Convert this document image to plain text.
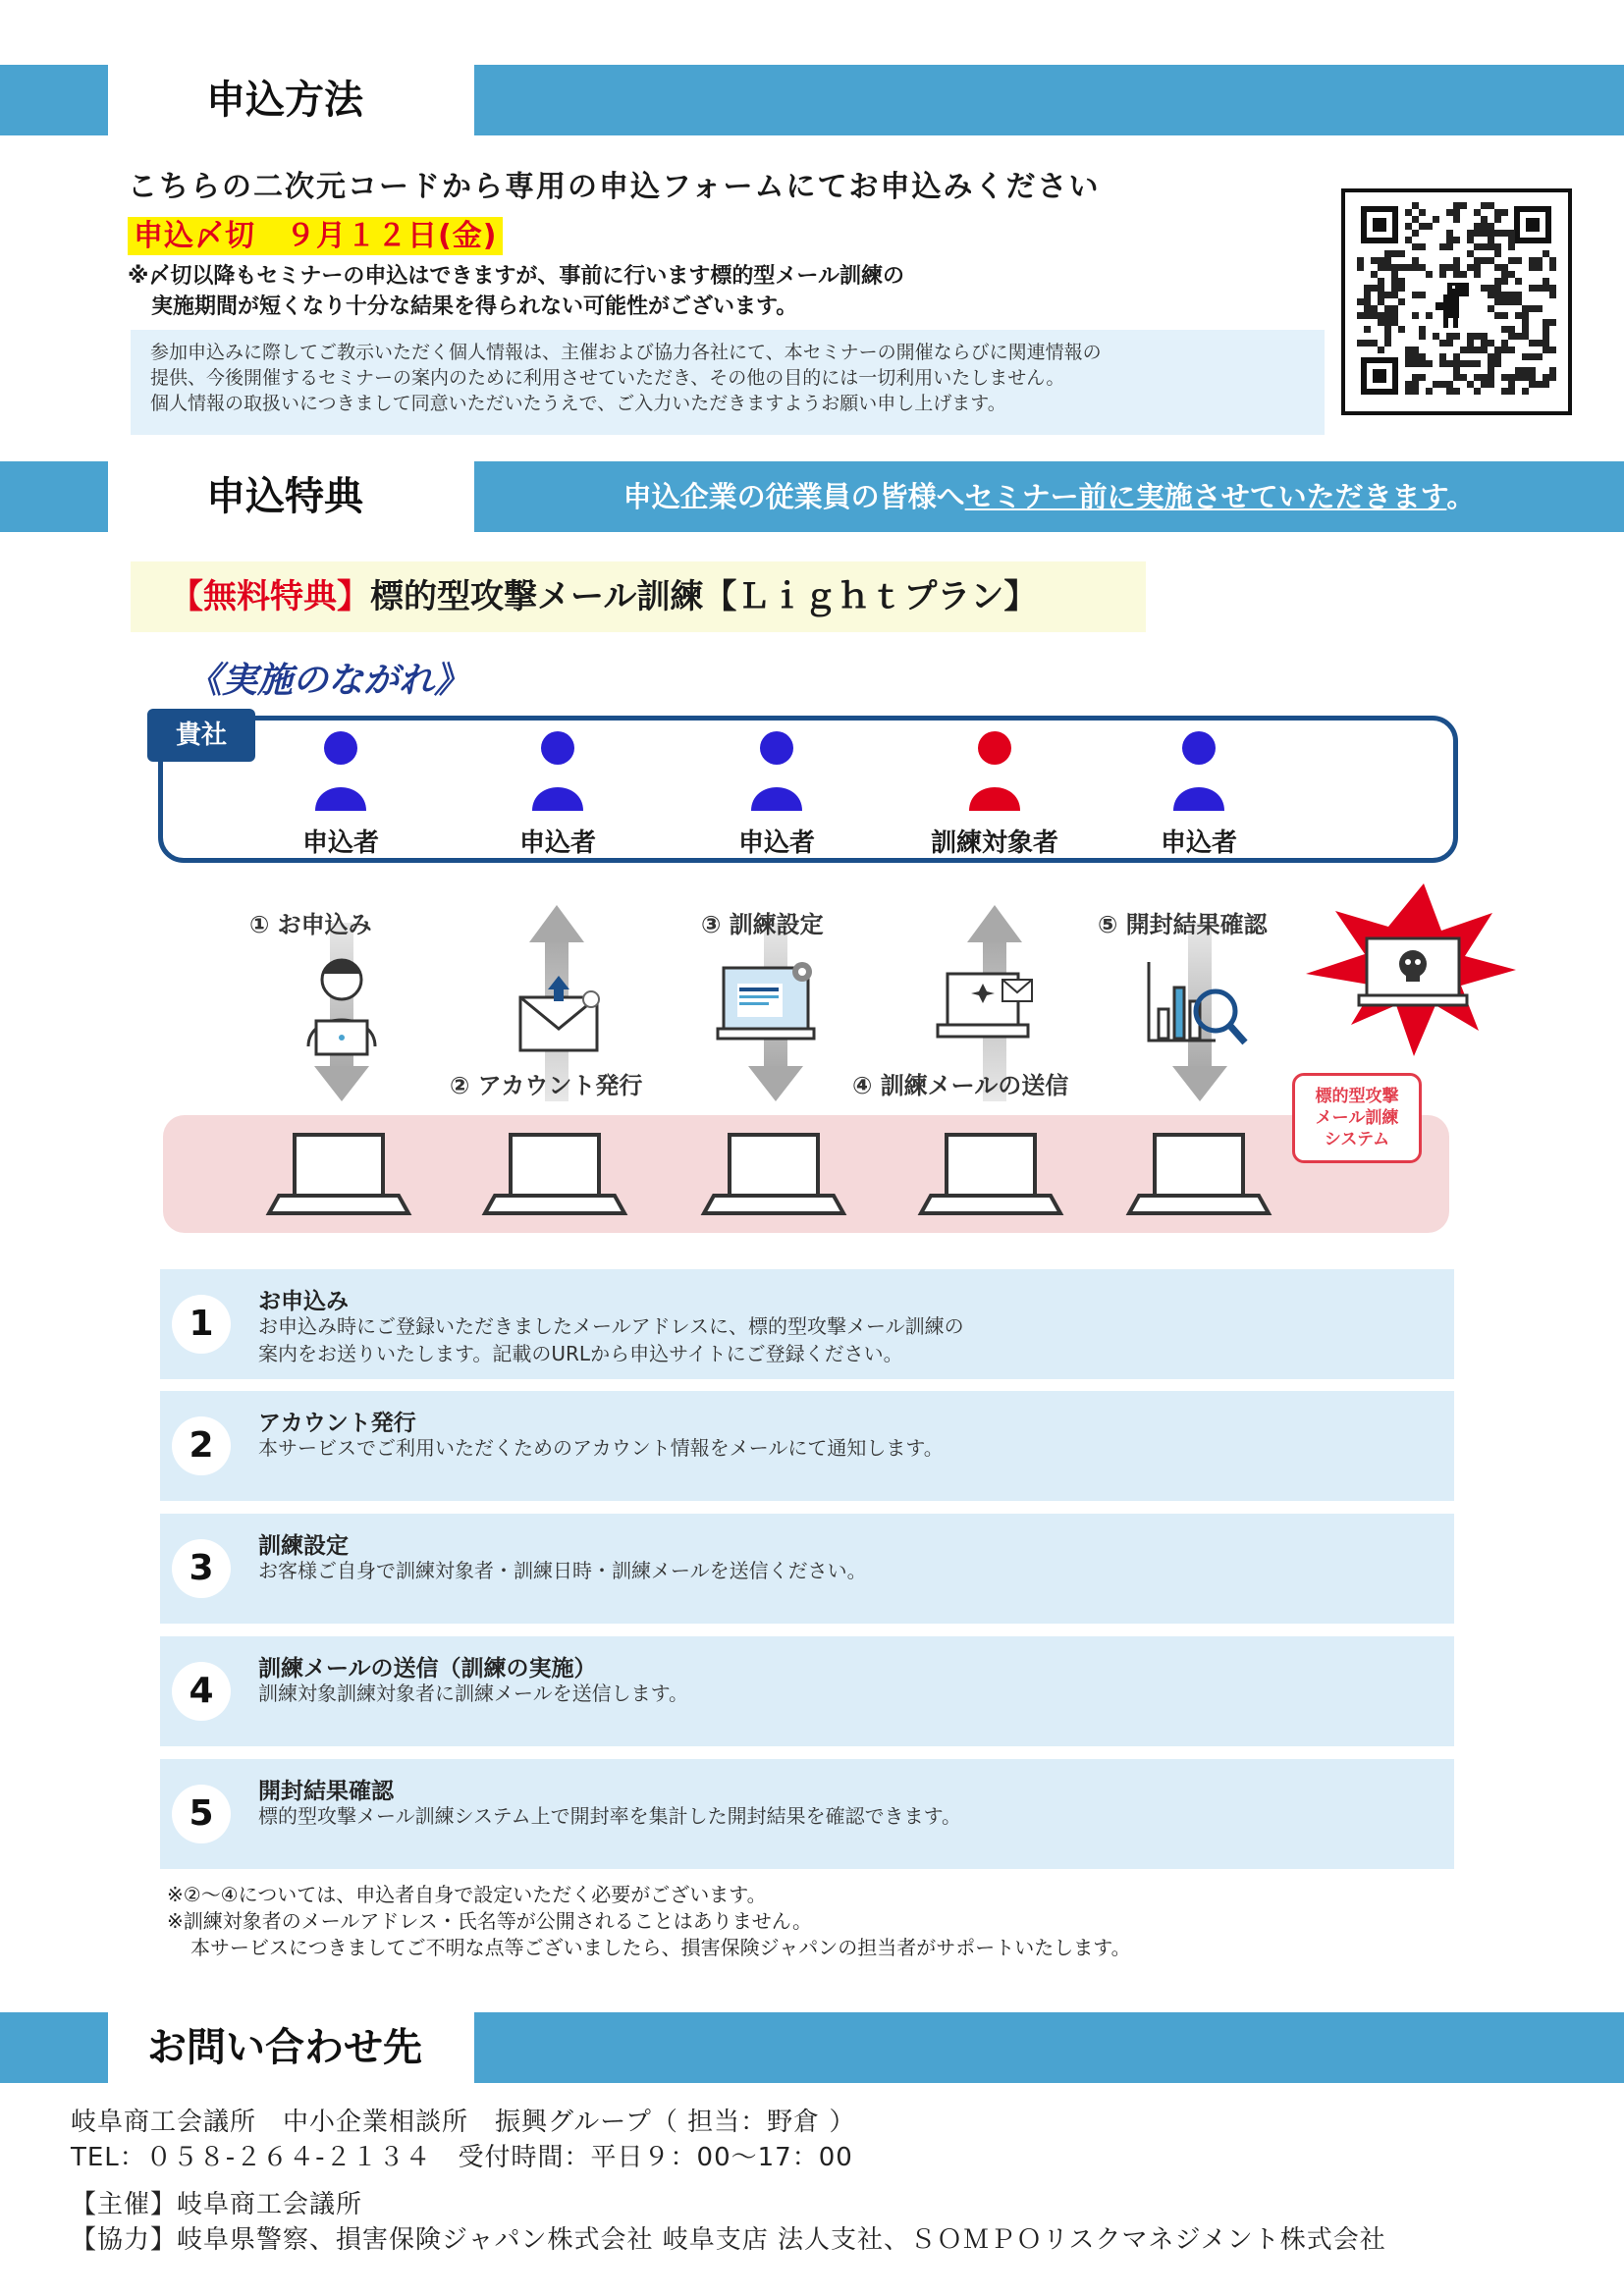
申込方法
こちらの二次元コードから専用の申込フォームにてお申込みください
申込〆切　９月１２日(金)
※〆切以降もセミナーの申込はできますが、事前に行います標的型メール訓練の
実施期間が短くなり十分な結果を得られない可能性がございます。
参加申込みに際してご教示いただく個人情報は、主催および協力各社にて、本セミナーの開催ならびに関連情報の
提供、今後開催するセミナーの案内のために利用させていただき、その他の目的には一切利用いたしません。
個人情報の取扱いにつきまして同意いただいたうえで、ご入力いただきますようお願い申し上げます。
申込特典	申込企業の従業員の皆様へセミナー前に実施させていただきます。
【無料特典】標的型攻撃メール訓練【Ｌｉｇｈｔプラン】
《実施のながれ》
貴社
申込者	申込者	申込者	訓練対象者	申込者
① お申込み
② アカウント発行
③ 訓練設定
④ 訓練メールの送信
⑤ 開封結果確認
標的型攻撃
メール訓練
システム
1
お申込み
お申込み時にご登録いただきましたメールアドレスに、標的型攻撃メール訓練の
案内をお送りいたします。記載のURLから申込サイトにご登録ください。
2
アカウント発行
本サービスでご利用いただくためのアカウント情報をメールにて通知します。
3
訓練設定
お客様ご自身で訓練対象者・訓練日時・訓練メールを送信ください。
4
訓練メールの送信（訓練の実施）
訓練対象訓練対象者に訓練メールを送信します。
5
開封結果確認
標的型攻撃メール訓練システム上で開封率を集計した開封結果を確認できます。
※②～④については、申込者自身で設定いただく必要がございます。
※訓練対象者のメールアドレス・氏名等が公開されることはありません。
本サービスにつきましてご不明な点等ございましたら、損害保険ジャパンの担当者がサポートいたします。
お問い合わせ先
岐阜商工会議所　中小企業相談所　振興グループ（ 担当：野倉 ）
TEL：０５８-２６４-２１３４　受付時間：平日９：00～17：00
【主催】岐阜商工会議所
【協力】岐阜県警察、損害保険ジャパン株式会社 岐阜支店 法人支社、ＳＯＭＰＯリスクマネジメント株式会社
